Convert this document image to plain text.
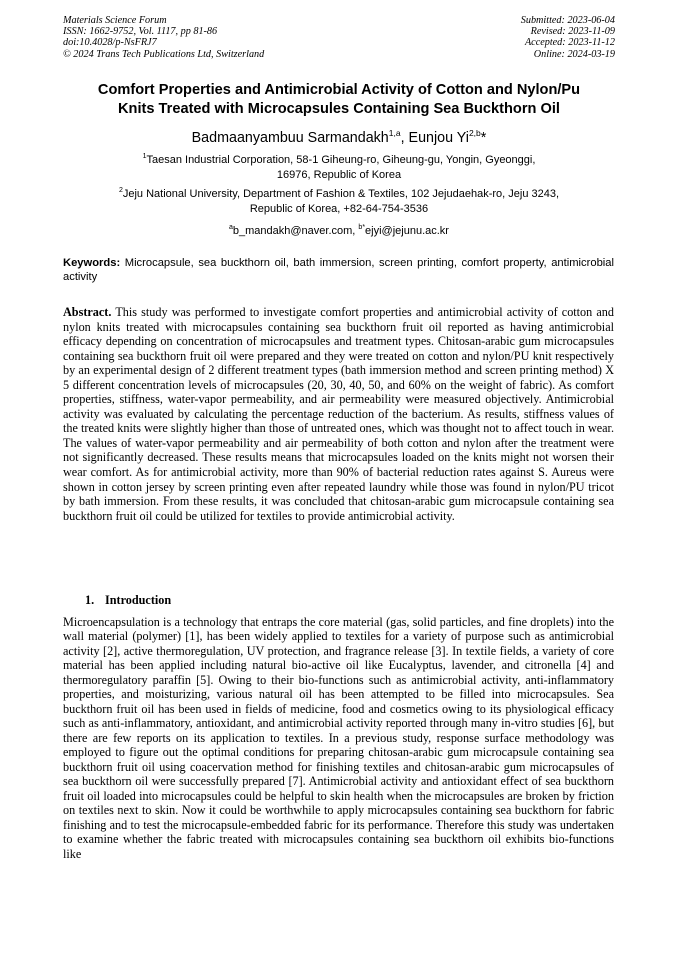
Materials Science Forum
ISSN: 1662-9752, Vol. 1117, pp 81-86
doi:10.4028/p-NsFRJ7
© 2024 Trans Tech Publications Ltd, Switzerland
Submitted: 2023-06-04
Revised: 2023-11-09
Accepted: 2023-11-12
Online: 2024-03-19
Comfort Properties and Antimicrobial Activity of Cotton and Nylon/Pu
Knits Treated with Microcapsules Containing Sea Buckthorn Oil
Badmaanyambuu Sarmandakh$^{1,a}$, Eunjou Yi$^{2,b}$*
$^1$Taesan Industrial Corporation, 58-1 Giheung-ro, Giheung-gu, Yongin, Gyeonggi,
16976, Republic of Korea
$^2$Jeju National University, Department of Fashion & Textiles, 102 Jejudaehak-ro, Jeju 3243,
Republic of Korea, +82-64-754-3536
$^a$b_mandakh@naver.com, $^{b*}$ejyi@jejunu.ac.kr
Keywords: Microcapsule, sea buckthorn oil, bath immersion, screen printing, comfort property, antimicrobial activity
Abstract. This study was performed to investigate comfort properties and antimicrobial activity of cotton and nylon knits treated with microcapsules containing sea buckthorn fruit oil reported as having antimicrobial efficacy depending on concentration of microcapsules and treatment types. Chitosan-arabic gum microcapsules containing sea buckthorn fruit oil were prepared and they were treated on cotton and nylon/PU knit respectively by an experimental design of 2 different treatment types (bath immersion method and screen printing method) X 5 different concentration levels of microcapsules (20, 30, 40, 50, and 60% on the weight of fabric). As comfort properties, stiffness, water-vapor permeability, and air permeability were measured objectively. Antimicrobial activity was evaluated by calculating the percentage reduction of the bacterium. As results, stiffness values of the treated knits were slightly higher than those of untreated ones, which was thought not to affect touch in wear. The values of water-vapor permeability and air permeability of both cotton and nylon after the treatment were not significantly decreased. These results means that microcapsules loaded on the knits might not worsen their wear comfort. As for antimicrobial activity, more than 90% of bacterial reduction rates against S. Aureus were shown in cotton jersey by screen printing even after repeated laundry while those was found in nylon/PU tricot by bath immersion. From these results, it was concluded that chitosan-arabic gum microcapsule containing sea buckthorn fruit oil could be utilized for textiles to provide antimicrobial activity.
1. Introduction
Microencapsulation is a technology that entraps the core material (gas, solid particles, and fine droplets) into the wall material (polymer) [1], has been widely applied to textiles for a variety of purpose such as antimicrobial activity [2], active thermoregulation, UV protection, and fragrance release [3]. In textile fields, a variety of core material has been applied including natural bio-active oil like Eucalyptus, lavender, and citronella [4] and thermoregulatory paraffin [5]. Owing to their bio-functions such as antimicrobial activity, anti-inflammatory properties, and moisturizing, various natural oil has been attempted to be filled into microcapsules. Sea buckthorn fruit oil has been used in fields of medicine, food and cosmetics owing to its physiological efficacy such as anti-inflammatory, antioxidant, and antimicrobial activity reported through many in-vitro studies [6], but there are few reports on its application to textiles. In a previous study, response surface methodology was employed to figure out the optimal conditions for preparing chitosan-arabic gum microcapsule containing sea buckthorn fruit oil using coacervation method for finishing textiles and chitosan-arabic gum microcapsules of sea buckthorn oil were successfully prepared [7]. Antimicrobial activity and antioxidant effect of sea buckthorn fruit oil loaded into microcapsules could be helpful to skin health when the microcapsules are broken by friction on textiles next to skin. Now it could be worthwhile to apply microcapsules containing sea buckthorn for fabric finishing and to test the microcapsule-embedded fabric for its performance. Therefore this study was undertaken to examine whether the fabric treated with microcapsules containing sea buckthorn oil exhibits bio-functions like
